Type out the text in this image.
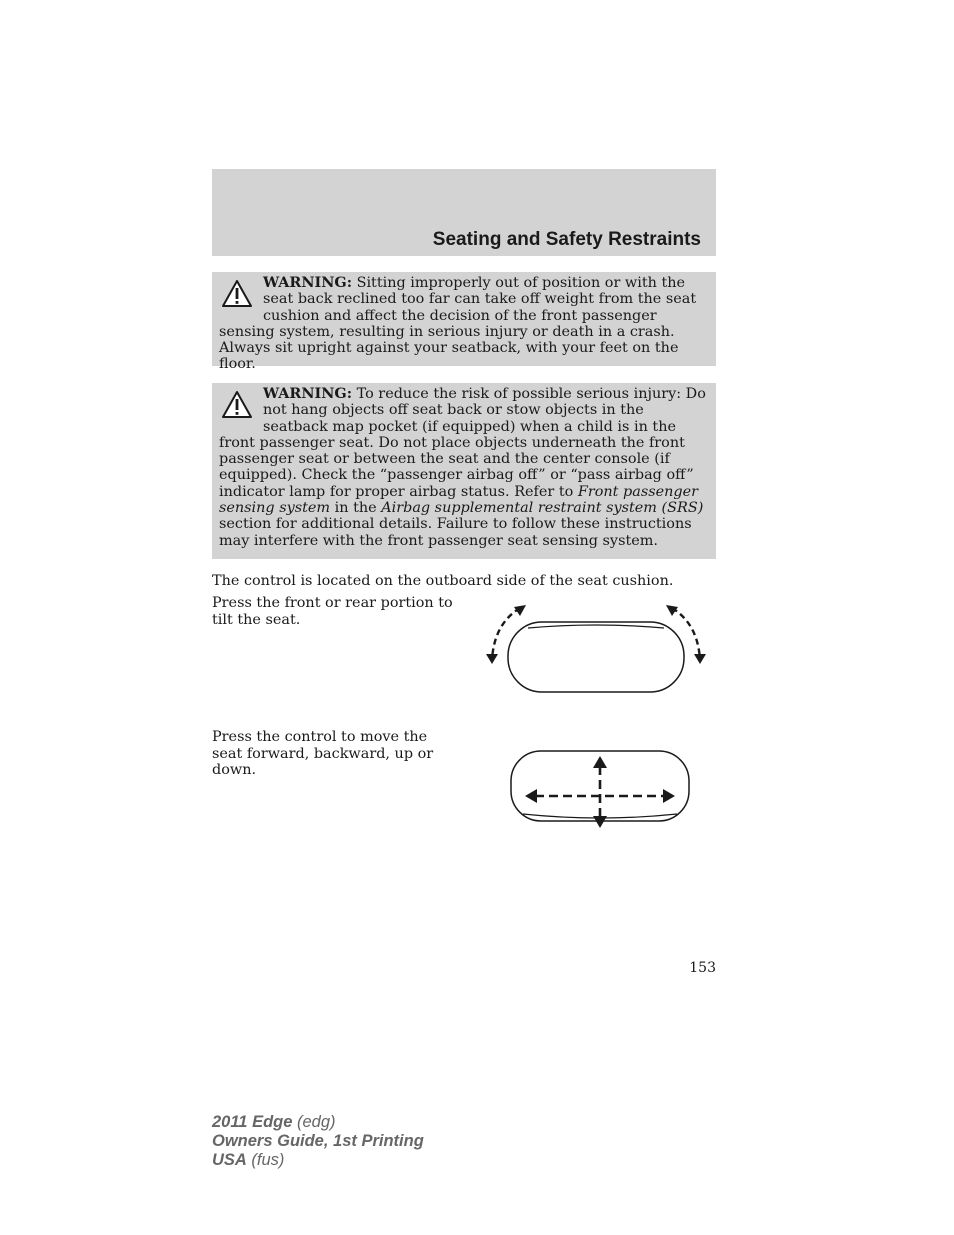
Seating and Safety Restraints
WARNING: Sitting improperly out of position or with the seat back reclined too far can take off weight from the seat cushion and affect the decision of the front passenger sensing system, resulting in serious injury or death in a crash. Always sit upright against your seatback, with your feet on the floor.
WARNING: To reduce the risk of possible serious injury: Do not hang objects off seat back or stow objects in the seatback map pocket (if equipped) when a child is in the front passenger seat. Do not place objects underneath the front passenger seat or between the seat and the center console (if equipped). Check the “passenger airbag off” or “pass airbag off” indicator lamp for proper airbag status. Refer to Front passenger sensing system in the Airbag supplemental restraint system (SRS) section for additional details. Failure to follow these instructions may interfere with the front passenger seat sensing system.
The control is located on the outboard side of the seat cushion.
Press the front or rear portion to tilt the seat.
Press the control to move the seat forward, backward, up or down.
153
2011 Edge (edg)
Owners Guide, 1st Printing
USA (fus)
